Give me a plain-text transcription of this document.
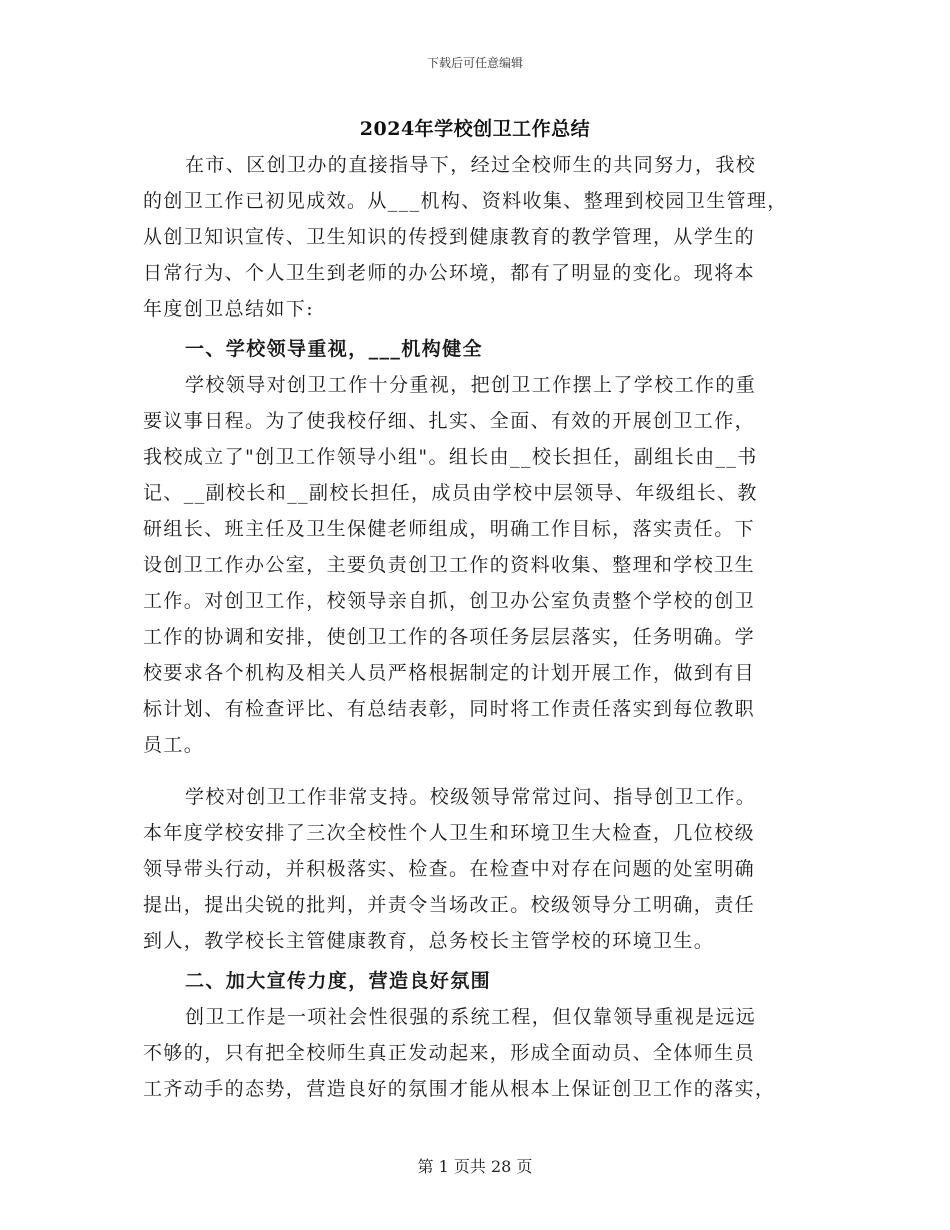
下载后可任意编辑
2024年学校创卫工作总结
在市、区创卫办的直接指导下，经过全校师生的共同努力，我校
的创卫工作已初见成效。从___机构、资料收集、整理到校园卫生管理，
从创卫知识宣传、卫生知识的传授到健康教育的教学管理，从学生的
日常行为、个人卫生到老师的办公环境，都有了明显的变化。现将本
年度创卫总结如下:
一、学校领导重视，___机构健全
学校领导对创卫工作十分重视，把创卫工作摆上了学校工作的重
要议事日程。为了使我校仔细、扎实、全面、有效的开展创卫工作，
我校成立了"创卫工作领导小组"。组长由__校长担任，副组长由__书
记、__副校长和__副校长担任，成员由学校中层领导、年级组长、教
研组长、班主任及卫生保健老师组成，明确工作目标，落实责任。下
设创卫工作办公室，主要负责创卫工作的资料收集、整理和学校卫生
工作。对创卫工作，校领导亲自抓，创卫办公室负责整个学校的创卫
工作的协调和安排，使创卫工作的各项任务层层落实，任务明确。学
校要求各个机构及相关人员严格根据制定的计划开展工作，做到有目
标计划、有检查评比、有总结表彰，同时将工作责任落实到每位教职
员工。
学校对创卫工作非常支持。校级领导常常过问、指导创卫工作。
本年度学校安排了三次全校性个人卫生和环境卫生大检查，几位校级
领导带头行动，并积极落实、检查。在检查中对存在问题的处室明确
提出，提出尖锐的批判，并责令当场改正。校级领导分工明确，责任
到人，教学校长主管健康教育，总务校长主管学校的环境卫生。
二、加大宣传力度，营造良好氛围
创卫工作是一项社会性很强的系统工程，但仅靠领导重视是远远
不够的，只有把全校师生真正发动起来，形成全面动员、全体师生员
工齐动手的态势，营造良好的氛围才能从根本上保证创卫工作的落实，
第 1 页共 28 页
